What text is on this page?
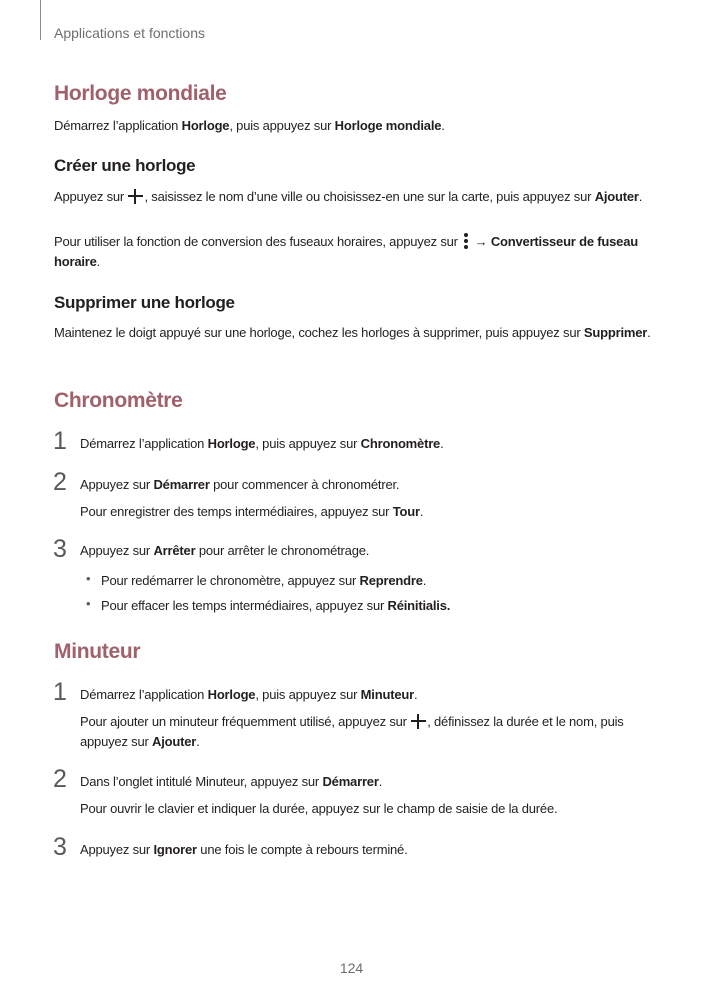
Applications et fonctions
Horloge mondiale
Démarrez l’application Horloge, puis appuyez sur Horloge mondiale.
Créer une horloge
Appuyez sur , saisissez le nom d’une ville ou choisissez-en une sur la carte, puis appuyez sur Ajouter.
Pour utiliser la fonction de conversion des fuseaux horaires, appuyez sur
→ Convertisseur de fuseau horaire.
Supprimer une horloge
Maintenez le doigt appuyé sur une horloge, cochez les horloges à supprimer, puis appuyez sur Supprimer.
Chronomètre
1 Démarrez l’application Horloge, puis appuyez sur Chronomètre.
2 Appuyez sur Démarrer pour commencer à chronométrer.
Pour enregistrer des temps intermédiaires, appuyez sur Tour.
3 Appuyez sur Arrêter pour arrêter le chronométrage.
• Pour redémarrer le chronomètre, appuyez sur Reprendre.
• Pour effacer les temps intermédiaires, appuyez sur Réinitialis.
Minuteur
1 Démarrez l’application Horloge, puis appuyez sur Minuteur.
Pour ajouter un minuteur fréquemment utilisé, appuyez sur , définissez la durée et le nom, puis appuyez sur Ajouter.
2 Dans l’onglet intitulé Minuteur, appuyez sur Démarrer.
Pour ouvrir le clavier et indiquer la durée, appuyez sur le champ de saisie de la durée.
3 Appuyez sur Ignorer une fois le compte à rebours terminé.
124
